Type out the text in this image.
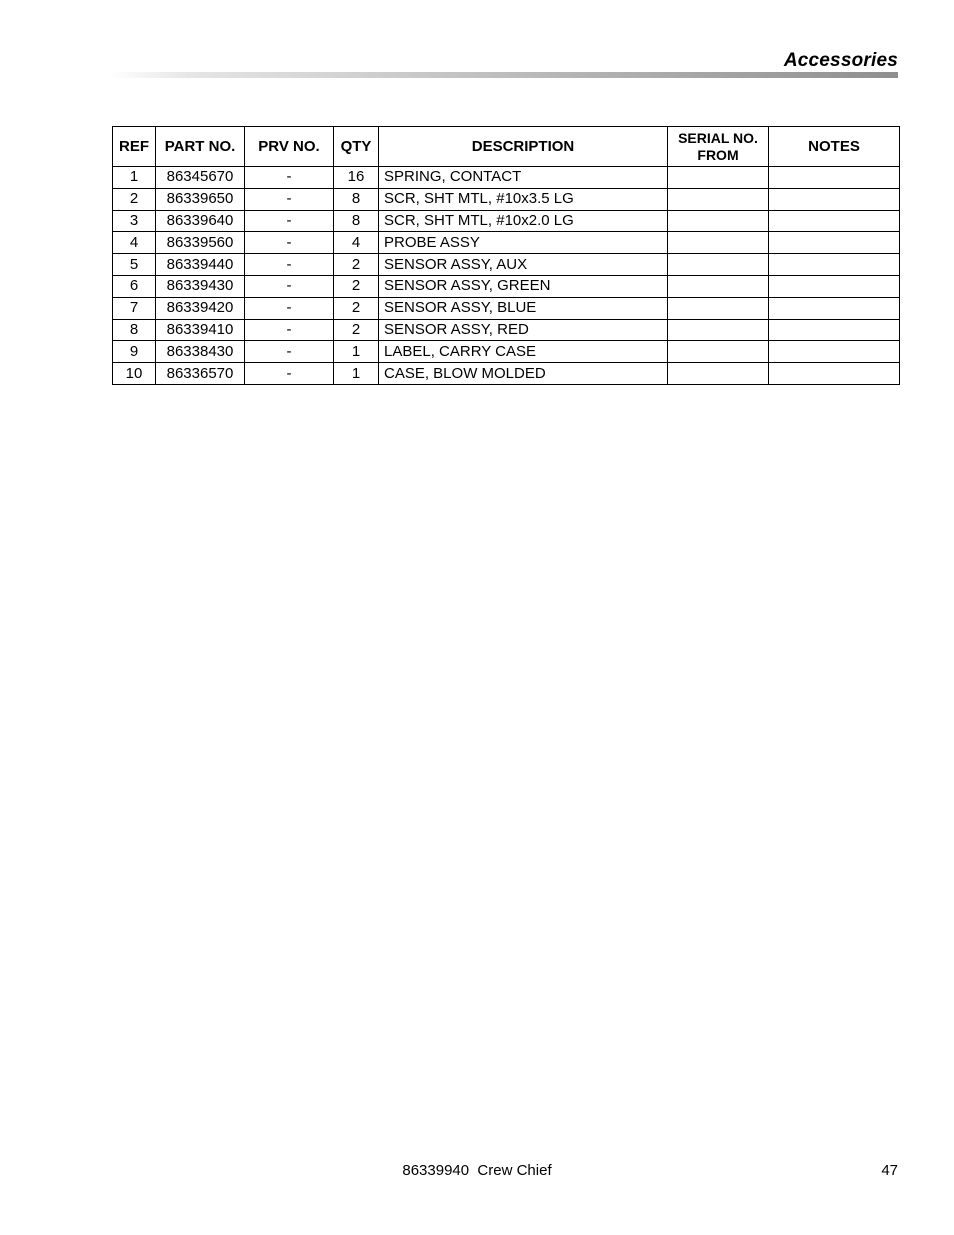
Accessories
REF	PART NO.	PRV NO.	QTY	DESCRIPTION	SERIAL NO. FROM	NOTES
1	86345670	-	16	SPRING, CONTACT		
2	86339650	-	8	SCR, SHT MTL, #10x3.5 LG		
3	86339640	-	8	SCR, SHT MTL, #10x2.0 LG		
4	86339560	-	4	PROBE ASSY		
5	86339440	-	2	SENSOR ASSY, AUX		
6	86339430	-	2	SENSOR ASSY, GREEN		
7	86339420	-	2	SENSOR ASSY, BLUE		
8	86339410	-	2	SENSOR ASSY, RED		
9	86338430	-	1	LABEL, CARRY CASE		
10	86336570	-	1	CASE, BLOW MOLDED		
86339940  Crew Chief	47
